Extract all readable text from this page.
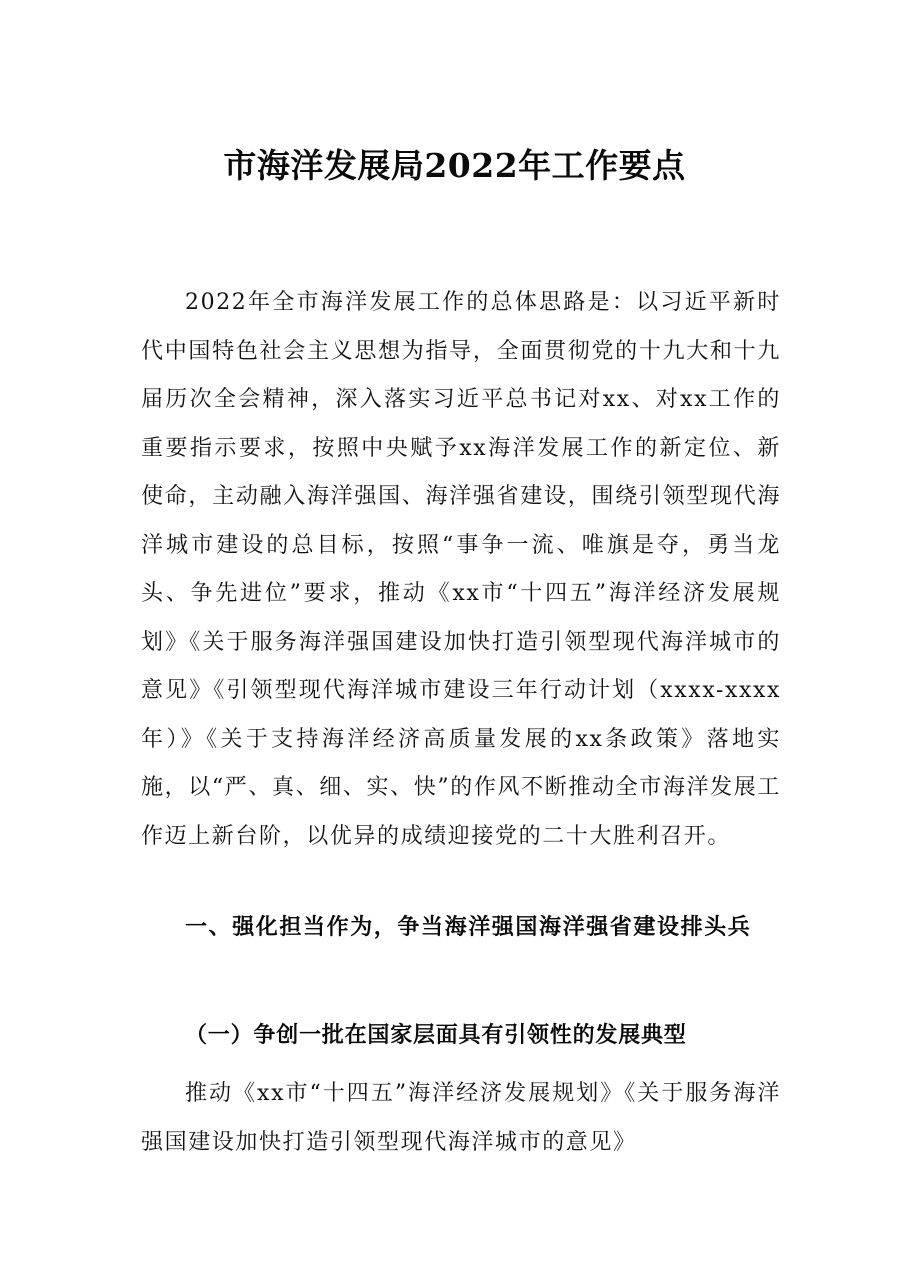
市海洋发展局2022年工作要点

2022年全市海洋发展工作的总体思路是：以习近平新时代中国特色社会主义思想为指导，全面贯彻党的十九大和十九届历次全会精神，深入落实习近平总书记对xx、对xx工作的重要指示要求，按照中央赋予xx海洋发展工作的新定位、新使命，主动融入海洋强国、海洋强省建设，围绕引领型现代海洋城市建设的总目标，按照“事争一流、唯旗是夺，勇当龙头、争先进位”要求，推动《xx市“十四五”海洋经济发展规划》《关于服务海洋强国建设加快打造引领型现代海洋城市的意见》《引领型现代海洋城市建设三年行动计划（xxxx-xxxx年）》《关于支持海洋经济高质量发展的xx条政策》落地实施，以“严、真、细、实、快”的作风不断推动全市海洋发展工作迈上新台阶，以优异的成绩迎接党的二十大胜利召开。

一、强化担当作为，争当海洋强国海洋强省建设排头兵

（一）争创一批在国家层面具有引领性的发展典型

推动《xx市“十四五”海洋经济发展规划》《关于服务海洋强国建设加快打造引领型现代海洋城市的意见》
